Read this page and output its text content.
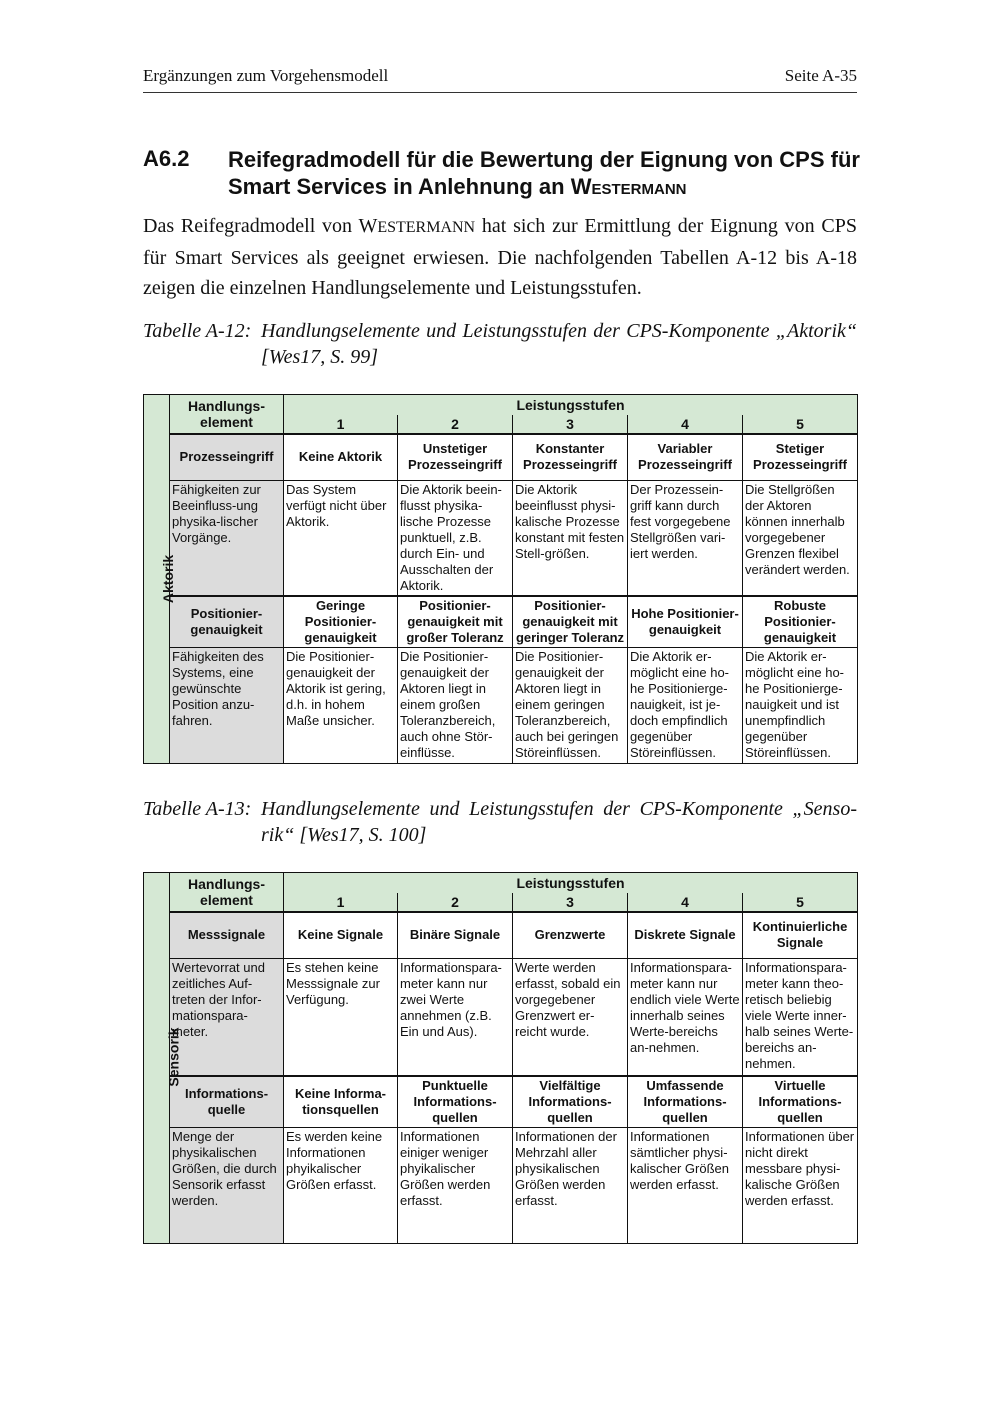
Ergänzungen zum Vorgehensmodell	Seite A-35
A6.2 Reifegradmodell für die Bewertung der Eignung von CPS für Smart Services in Anlehnung an WESTERMANN
Das Reifegradmodell von WESTERMANN hat sich zur Ermittlung der Eignung von CPS für Smart Services als geeignet erwiesen. Die nachfolgenden Tabellen A-12 bis A-18 zeigen die einzelnen Handlungselemente und Leistungsstufen.
Tabelle A-12: Handlungselemente und Leistungsstufen der CPS-Komponente „Aktorik“ [Wes17, S. 99]
Aktorik	Handlungs-element	Leistungsstufen				
		1	2	3	4	5
	Prozesseingriff	Keine Aktorik	Unstetiger Prozesseingriff	Konstanter Prozesseingriff	Variabler Prozesseingriff	Stetiger Prozesseingriff
	Fähigkeiten zur Beeinfluss-ung physika-lischer Vorgänge.	Das System verfügt nicht über Aktorik.	Die Aktorik beein-flusst physika-lische Prozesse punktuell, z.B. durch Ein- und Ausschalten der Aktorik.	Die Aktorik beeinflusst physi-kalische Prozesse konstant mit festen Stell-größen.	Der Prozessein-griff kann durch fest vorgegebene Stellgrößen vari-iert werden.	Die Stellgrößen der Aktoren können innerhalb vorgegebener Grenzen flexibel verändert werden.
	Positionier-genauigkeit	Geringe Positionier-genauigkeit	Positionier-genauigkeit mit großer Toleranz	Positionier-genauigkeit mit geringer Toleranz	Hohe Positionier-genauigkeit	Robuste Positionier-genauigkeit
	Fähigkeiten des Systems, eine gewünschte Position anzu-fahren.	Die Positionier-genauigkeit der Aktorik ist gering, d.h. in hohem Maße unsicher.	Die Positionier-genauigkeit der Aktoren liegt in einem großen Toleranzbereich, auch ohne Stör-einflüsse.	Die Positionier-genauigkeit der Aktoren liegt in einem geringen Toleranzbereich, auch bei geringen Störeinflüssen.	Die Aktorik er-möglicht eine ho-he Positionierge-nauigkeit, ist je-doch empfindlich gegenüber Störeinflüssen.	Die Aktorik er-möglicht eine ho-he Positionierge-nauigkeit und ist unempfindlich gegenüber Störeinflüssen.
Tabelle A-13: Handlungselemente und Leistungsstufen der CPS-Komponente „Senso-rik“ [Wes17, S. 100]
Sensorik	Handlungs-element	Leistungsstufen				
		1	2	3	4	5
	Messsignale	Keine Signale	Binäre Signale	Grenzwerte	Diskrete Signale	Kontinuierliche Signale
	Wertevorrat und zeitliches Auf-treten der Infor-mationspara-meter.	Es stehen keine Messsignale zur Verfügung.	Informationspara-meter kann nur zwei Werte annehmen (z.B. Ein und Aus).	Werte werden erfasst, sobald ein vorgegebener Grenzwert er-reicht wurde.	Informationspara-meter kann nur endlich viele Werte innerhalb seines Werte-bereichs an-nehmen.	Informationspara-meter kann theo-retisch beliebig viele Werte inner-halb seines Werte-bereichs an-nehmen.
	Informations-quelle	Keine Informa-tionsquellen	Punktuelle Informations-quellen	Vielfältige Informations-quellen	Umfassende Informations-quellen	Virtuelle Informations-quellen
	Menge der physikalischen Größen, die durch Sensorik erfasst werden.	Es werden keine Informationen phyikalischer Größen erfasst.	Informationen einiger weniger phyikalischer Größen werden erfasst.	Informationen der Mehrzahl aller physikalischen Größen werden erfasst.	Informationen sämtlicher physi-kalischer Größen werden erfasst.	Informationen über nicht direkt messbare physi-kalische Größen werden erfasst.
